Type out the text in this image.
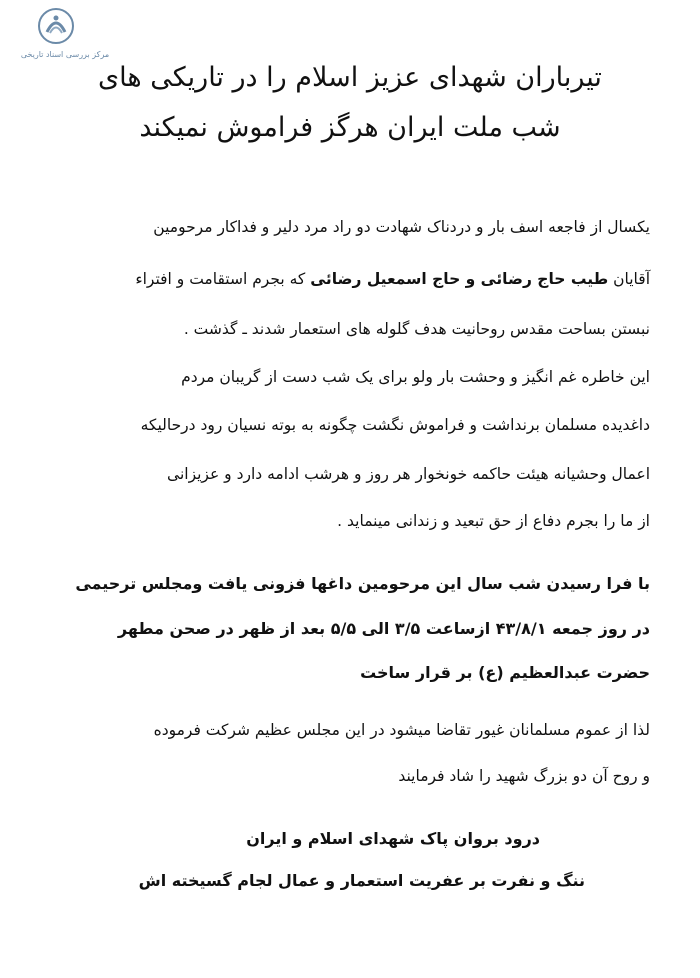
مرکز بررسی اسناد تاریخی
تیرباران شهدای عزیز اسلام را در تاریکی های
شب ملت ایران هرگز فراموش نمیکند
یکسال از فاجعه اسف بار و دردناک شهادت دو راد مرد دلیر و فداکار مرحومین
آقایان طیب حاج رضائی و حاج اسمعیل رضائی که بجرم استقامت و افتراء
نبستن بساحت مقدس روحانیت هدف گلوله های استعمار شدند ـ گذشت .
این خاطره غم انگیز و وحشت بار ولو برای یک شب دست از گریبان مردم
داغدیده مسلمان برنداشت و فراموش نگشت چگونه به بوته نسیان رود درحالیکه
اعمال وحشیانه هیئت حاکمه خونخوار هر روز و هرشب ادامه دارد و عزیزانی
از ما را بجرم دفاع از حق تبعید و زندانی مینماید .
با فرا رسیدن شب سال این مرحومین داغها فزونی یافت ومجلس ترحیمی
در روز جمعه ۴۳/۸/۱ ازساعت ۳/۵ الی ۵/۵ بعد از ظهر در صحن مطهر
حضرت عبدالعظیم (ع) بر قرار ساخت
لذا از عموم مسلمانان غیور تقاضا میشود در این مجلس عظیم شرکت فرموده
و روح آن دو بزرگ شهید را شاد فرمایند
درود بروان پاک شهدای اسلام و ایران
ننگ و نفرت بر عفریت استعمار و عمال لجام گسیخته اش
